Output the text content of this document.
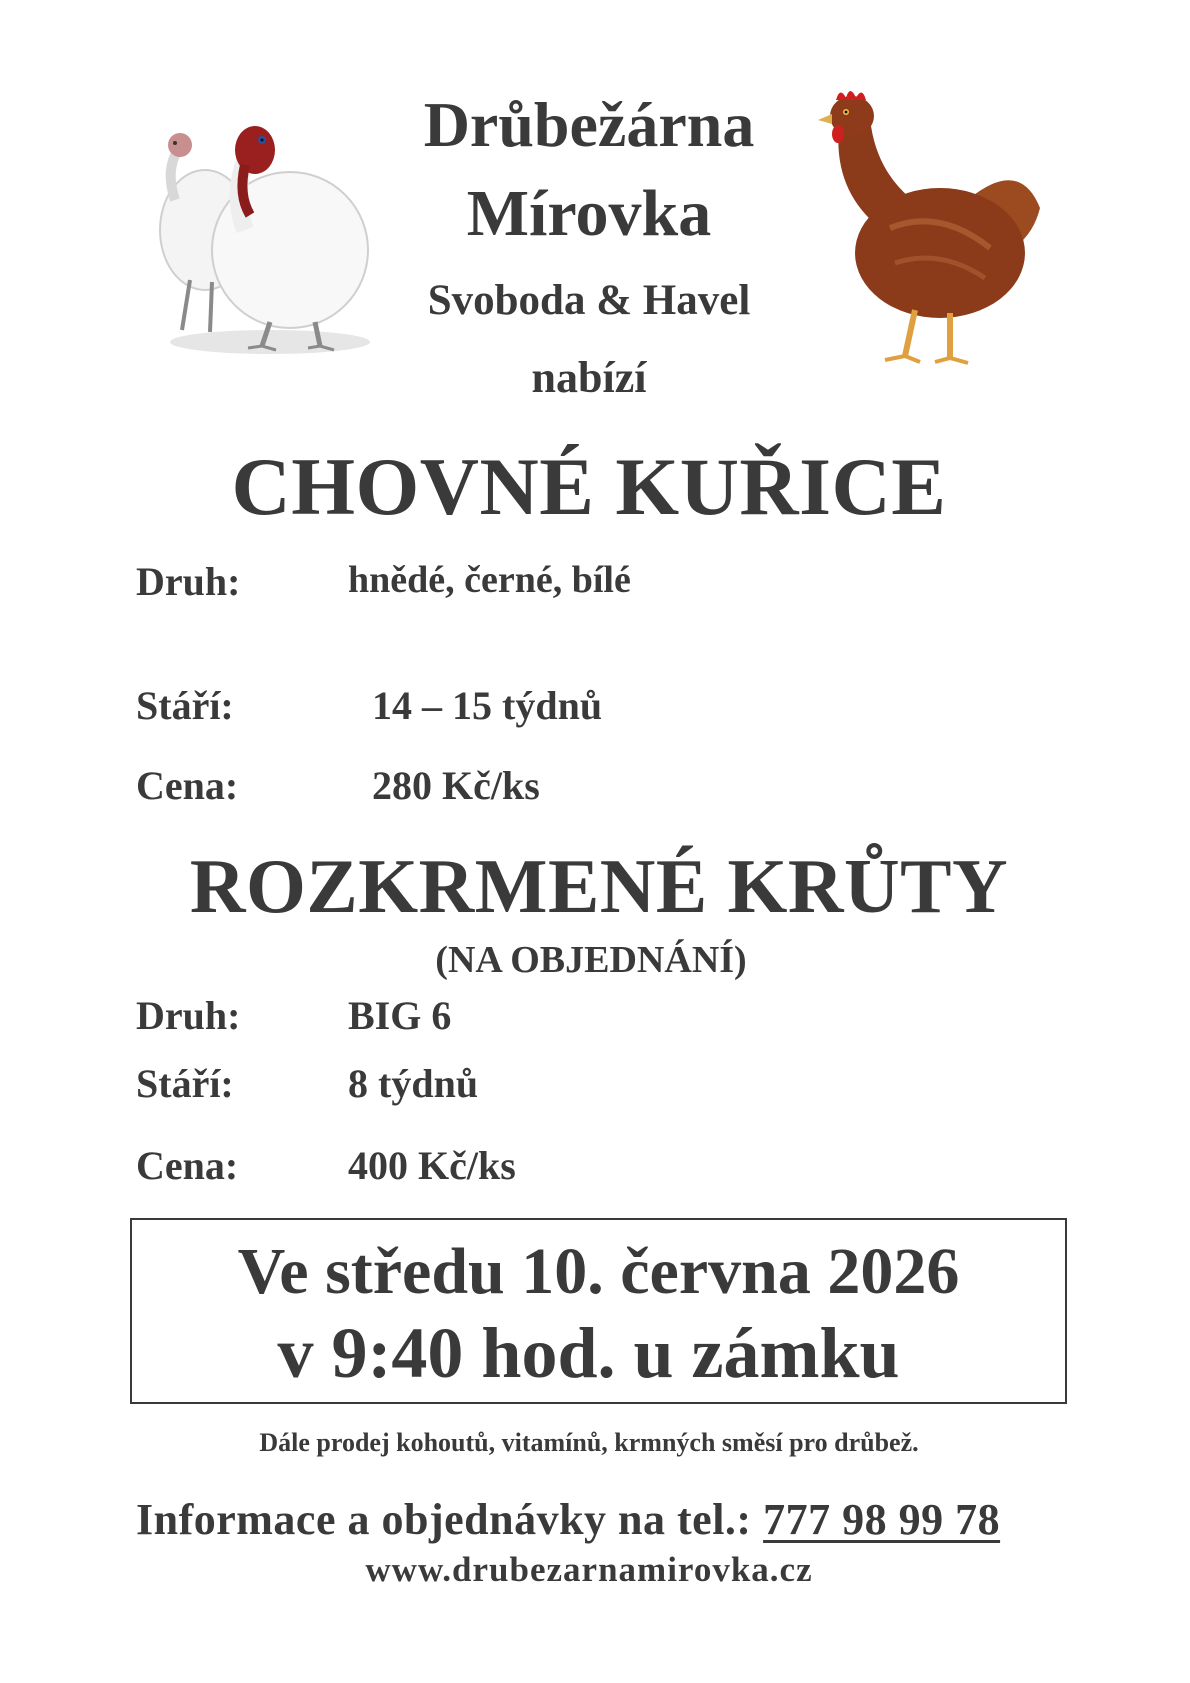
Drůbežárna
Mírovka
Svoboda & Havel
nabízí
CHOVNÉ KUŘICE
Druh:	hnědé, černé, bílé
Stáří:	14 – 15 týdnů
Cena:	280 Kč/ks
ROZKRMENÉ KRŮTY
(NA OBJEDNÁNÍ)
Druh:	BIG 6
Stáří:	8 týdnů
Cena:	400 Kč/ks
Ve středu 10. června 2026
v 9:40 hod. u zámku
Dále prodej kohoutů, vitamínů, krmných směsí pro drůbež.
Informace a objednávky na tel.: 777 98 99 78
www.drubezarnamirovka.cz
